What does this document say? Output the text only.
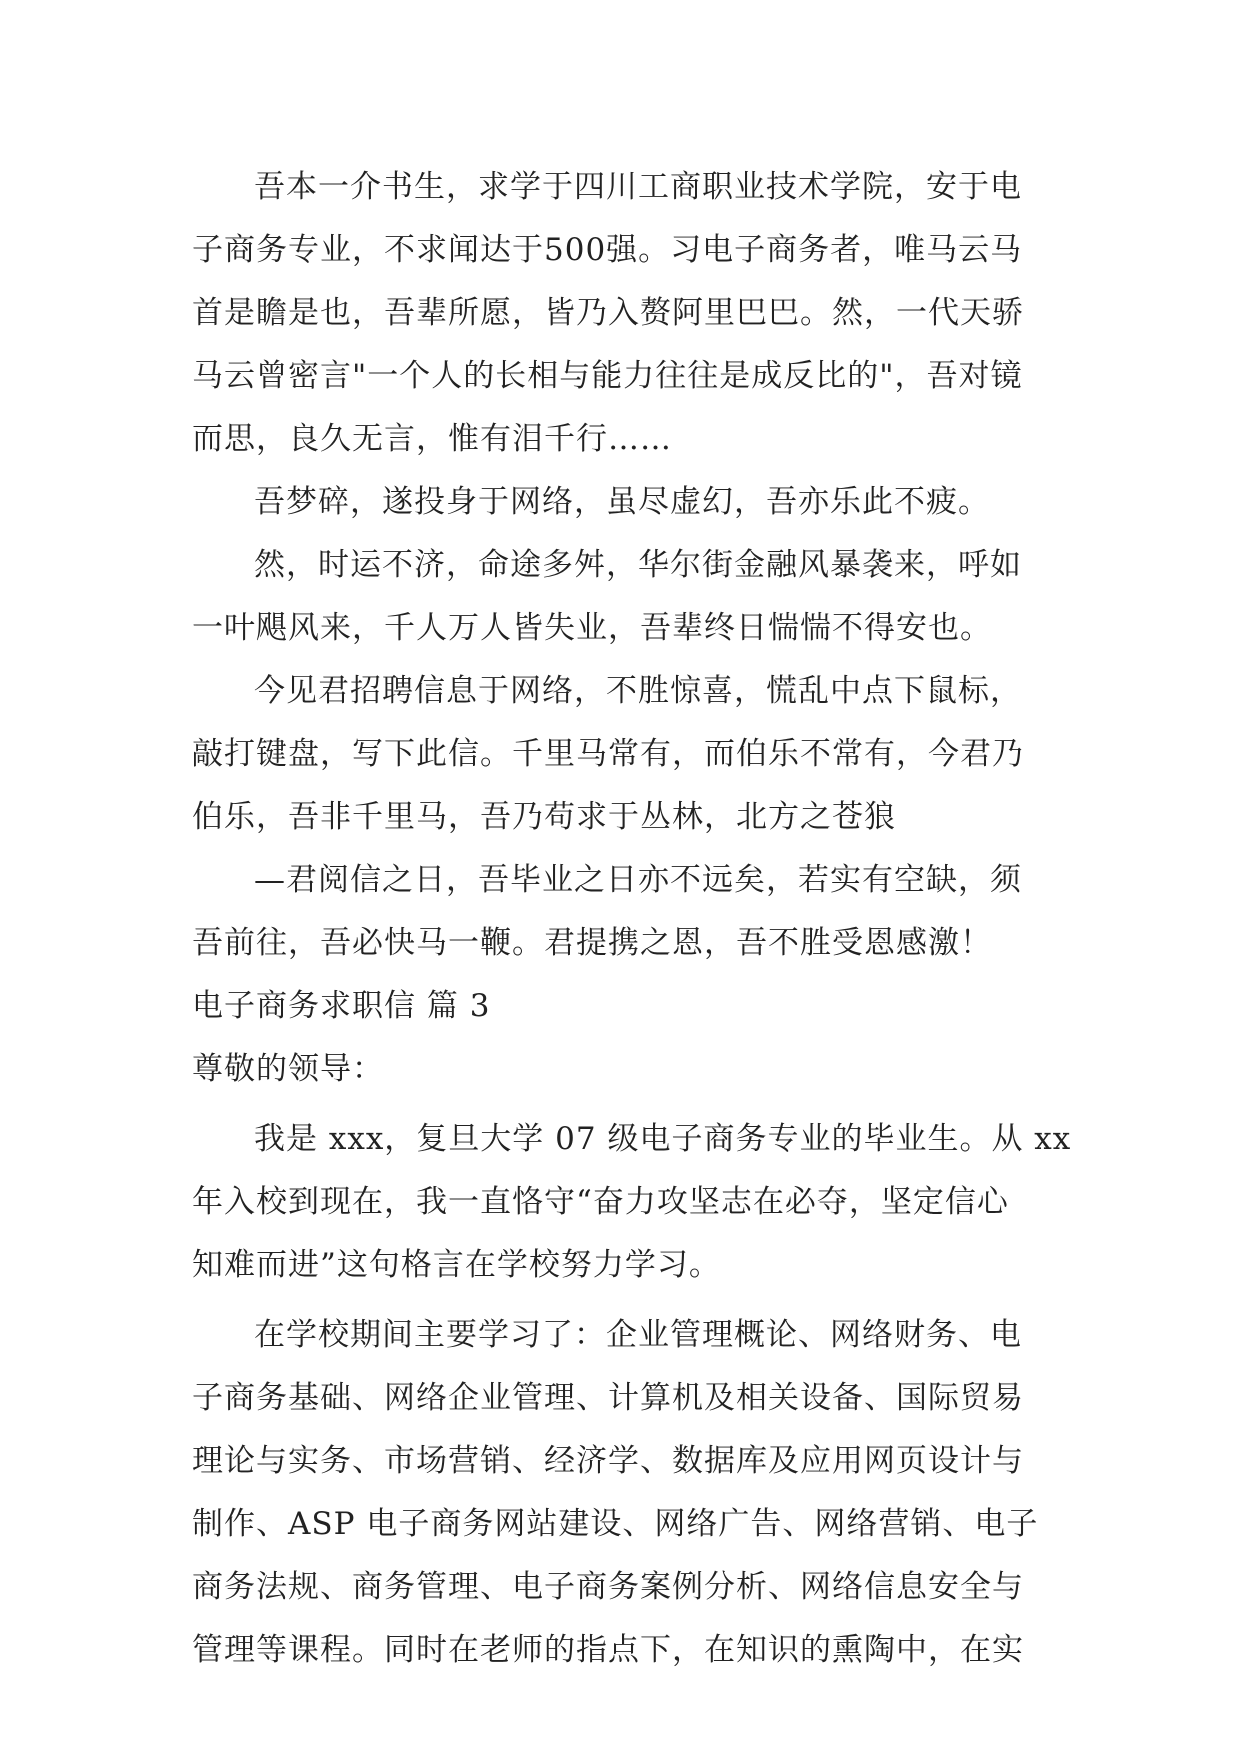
吾本一介书生，求学于四川工商职业技术学院，安于电
子商务专业，不求闻达于500强。习电子商务者，唯马云马
首是瞻是也，吾辈所愿，皆乃入赘阿里巴巴。然，一代天骄
马云曾密言"一个人的长相与能力往往是成反比的"，吾对镜
而思，良久无言，惟有泪千行……
吾梦碎，遂投身于网络，虽尽虚幻，吾亦乐此不疲。
然，时运不济，命途多舛，华尔街金融风暴袭来，呼如
一叶飓风来，千人万人皆失业，吾辈终日惴惴不得安也。
今见君招聘信息于网络，不胜惊喜，慌乱中点下鼠标，
敲打键盘，写下此信。千里马常有，而伯乐不常有，今君乃
伯乐，吾非千里马，吾乃苟求于丛林，北方之苍狼
—君阅信之日，吾毕业之日亦不远矣，若实有空缺，须
吾前往，吾必快马一鞭。君提携之恩，吾不胜受恩感激！
电子商务求职信 篇 3
尊敬的领导：
我是 xxx，复旦大学 07 级电子商务专业的毕业生。从 xx
年入校到现在，我一直恪守“奋力攻坚志在必夺，坚定信心
知难而进”这句格言在学校努力学习。
在学校期间主要学习了：企业管理概论、网络财务、电
子商务基础、网络企业管理、计算机及相关设备、国际贸易
理论与实务、市场营销、经济学、数据库及应用网页设计与
制作、ASP 电子商务网站建设、网络广告、网络营销、电子
商务法规、商务管理、电子商务案例分析、网络信息安全与
管理等课程。同时在老师的指点下，在知识的熏陶中，在实
